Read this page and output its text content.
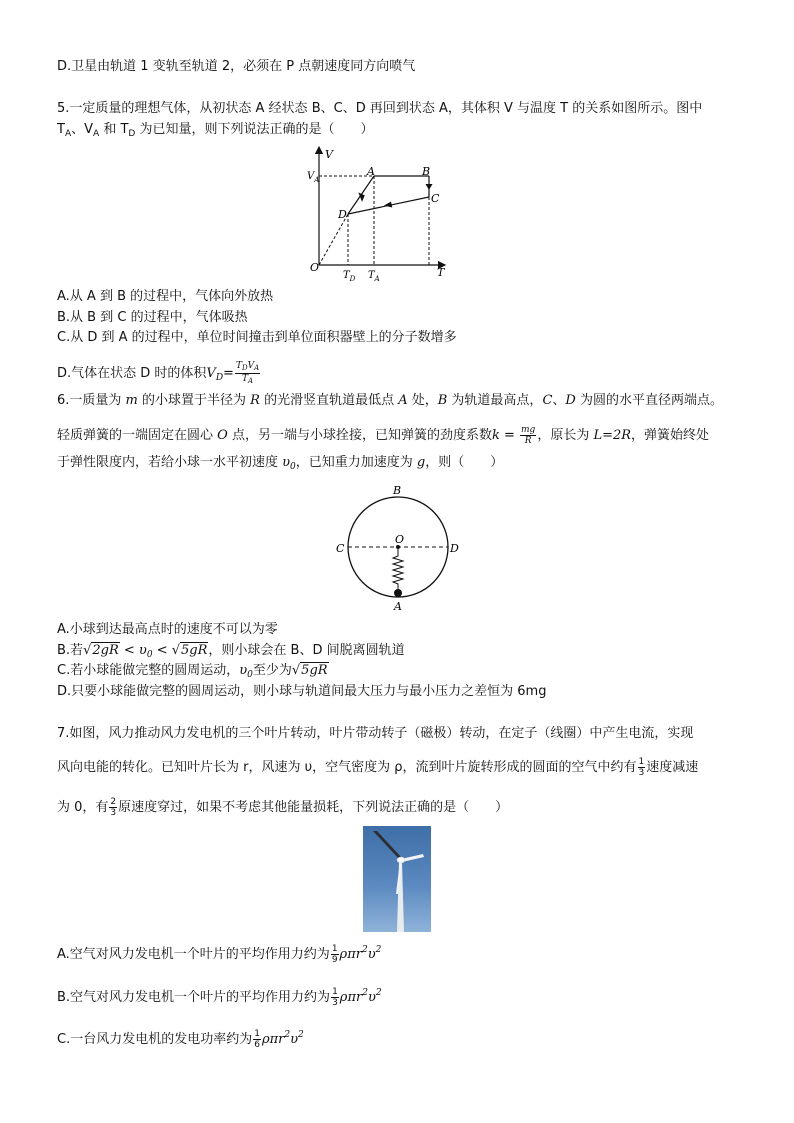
D.卫星由轨道 1 变轨至轨道 2，必须在 P 点朝速度同方向喷气
5.一定质量的理想气体，从初状态 A 经状态 B、C、D 再回到状态 A，其体积 V 与温度 T 的关系如图所示。图中
$T_A$、$V_A$ 和 $T_D$ 为已知量，则下列说法正确的是（　　）
V
$V_A$
A	B
C
D
O
$T_D$ $T_A$	T
A.从 A 到 B 的过程中，气体向外放热
B.从 B 到 C 的过程中，气体吸热
C.从 D 到 A 的过程中，单位时间撞击到单位面积器壁上的分子数增多
D.气体在状态 D 时的体积$V_D= \frac{T_DV_A}{T_A}$
6.一质量为 m 的小球置于半径为 R 的光滑竖直轨道最低点 A 处，B 为轨道最高点，C、D 为圆的水平直径两端点。
轻质弹簧的一端固定在圆心 O 点，另一端与小球拴接，已知弹簧的劲度系数$k = \frac{mg}{R}$ ，原长为 L=2R，弹簧始终处
于弹性限度内，若给小球一水平初速度 $\upsilon_0$，已知重力加速度为 g，则（　　）
B
C	D
O
A
A.小球到达最高点时的速度不可以为零
B.若$√2gR < \upsilon_0 < √5gR$，则小球会在 B、D 间脱离圆轨道
C.若小球能做完整的圆周运动，$\upsilon_0$至少为√5gR
D.只要小球能做完整的圆周运动，则小球与轨道间最大压力与最小压力之差恒为 6mg
7.如图，风力推动风力发电机的三个叶片转动，叶片带动转子（磁极）转动，在定子（线圈）中产生电流，实现
风向电能的转化。已知叶片长为 r，风速为 υ，空气密度为 ρ，流到叶片旋转形成的圆面的空气中约有 $\frac{1}{3}$ 速度减速
为 0，有 $\frac{2}{3}$ 原速度穿过，如果不考虑其他能量损耗，下列说法正确的是（　　）
A.空气对风力发电机一个叶片的平均作用力约为 $\frac{1}{9} \rho\pi r^2\upsilon^2$
B.空气对风力发电机一个叶片的平均作用力约为 $\frac{1}{3} \rho\pi r^2\upsilon^2$
C.一台风力发电机的发电功率约为 $\frac{1}{6} \rho\pi r^2\upsilon^2$
